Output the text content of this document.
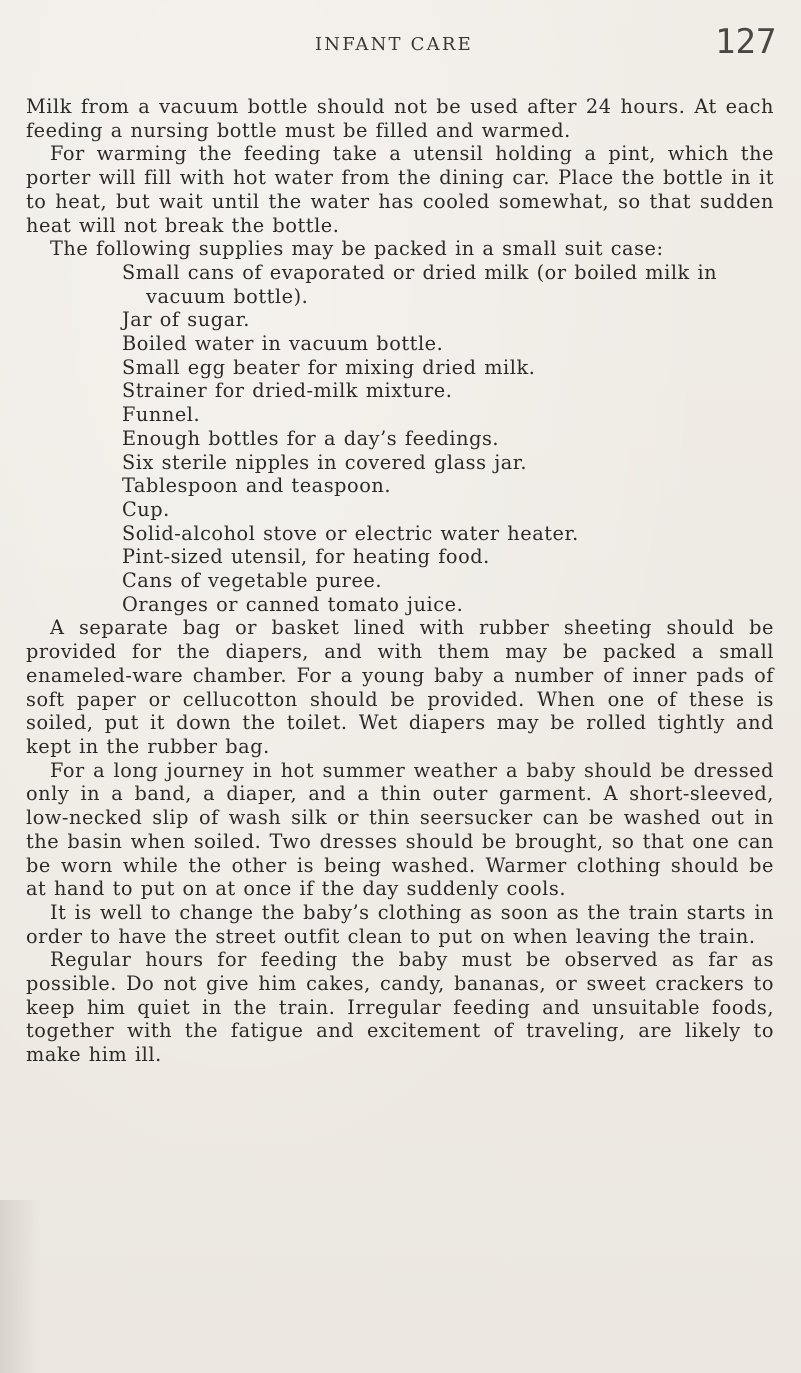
INFANT CARE	127

Milk from a vacuum bottle should not be used after 24 hours. At each feeding a nursing bottle must be filled and warmed.

For warming the feeding take a utensil holding a pint, which the porter will fill with hot water from the dining car. Place the bottle in it to heat, but wait until the water has cooled somewhat, so that sudden heat will not break the bottle.

The following supplies may be packed in a small suit case:

Small cans of evaporated or dried milk (or boiled milk in vacuum bottle).
Jar of sugar.
Boiled water in vacuum bottle.
Small egg beater for mixing dried milk.
Strainer for dried-milk mixture.
Funnel.
Enough bottles for a day’s feedings.
Six sterile nipples in covered glass jar.
Tablespoon and teaspoon.
Cup.
Solid-alcohol stove or electric water heater.
Pint-sized utensil, for heating food.
Cans of vegetable puree.
Oranges or canned tomato juice.

A separate bag or basket lined with rubber sheeting should be provided for the diapers, and with them may be packed a small enameled-ware chamber. For a young baby a number of inner pads of soft paper or cellucotton should be provided. When one of these is soiled, put it down the toilet. Wet diapers may be rolled tightly and kept in the rubber bag.

For a long journey in hot summer weather a baby should be dressed only in a band, a diaper, and a thin outer garment. A short-sleeved, low-necked slip of wash silk or thin seersucker can be washed out in the basin when soiled. Two dresses should be brought, so that one can be worn while the other is being washed. Warmer clothing should be at hand to put on at once if the day suddenly cools.

It is well to change the baby’s clothing as soon as the train starts in order to have the street outfit clean to put on when leaving the train.

Regular hours for feeding the baby must be observed as far as possible. Do not give him cakes, candy, bananas, or sweet crackers to keep him quiet in the train. Irregular feeding and unsuitable foods, together with the fatigue and excitement of traveling, are likely to make him ill.
